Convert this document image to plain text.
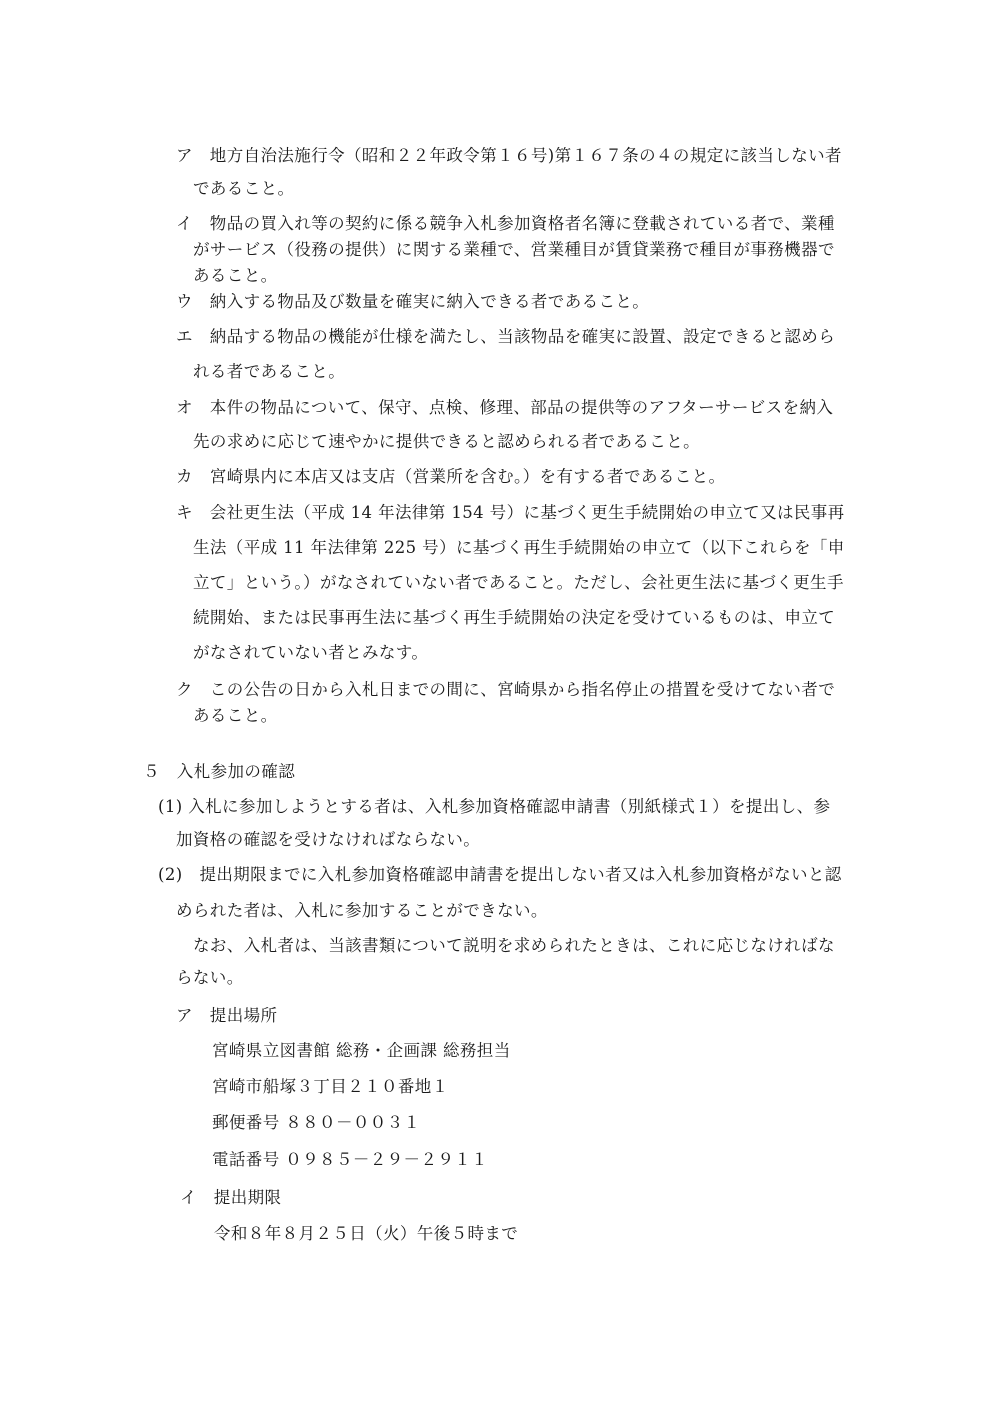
ア　地方自治法施行令（昭和２２年政令第１６号)第１６７条の４の規定に該当しない者
であること。
イ　物品の買入れ等の契約に係る競争入札参加資格者名簿に登載されている者で、業種
がサービス（役務の提供）に関する業種で、営業種目が賃貸業務で種目が事務機器で
あること。
ウ　納入する物品及び数量を確実に納入できる者であること。
エ　納品する物品の機能が仕様を満たし、当該物品を確実に設置、設定できると認めら
れる者であること。
オ　本件の物品について、保守、点検、修理、部品の提供等のアフターサービスを納入
先の求めに応じて速やかに提供できると認められる者であること。
カ　宮崎県内に本店又は支店（営業所を含む。）を有する者であること。
キ　会社更生法（平成 14 年法律第 154 号）に基づく更生手続開始の申立て又は民事再
生法（平成 11 年法律第 225 号）に基づく再生手続開始の申立て（以下これらを「申
立て」という。）がなされていない者であること。ただし、会社更生法に基づく更生手
続開始、または民事再生法に基づく再生手続開始の決定を受けているものは、申立て
がなされていない者とみなす。
ク　この公告の日から入札日までの間に、宮崎県から指名停止の措置を受けてない者で
あること。
５　入札参加の確認
(1) 入札に参加しようとする者は、入札参加資格確認申請書（別紙様式１）を提出し、参
加資格の確認を受けなければならない。
(2)　提出期限までに入札参加資格確認申請書を提出しない者又は入札参加資格がないと認
められた者は、入札に参加することができない。
なお、入札者は、当該書類について説明を求められたときは、これに応じなければな
らない。
ア　提出場所
宮崎県立図書館 総務・企画課 総務担当
宮崎市船塚３丁目２１０番地１
郵便番号 ８８０－００３１
電話番号 ０９８５－２９－２９１１
イ　提出期限
令和８年８月２５日（火）午後５時まで
